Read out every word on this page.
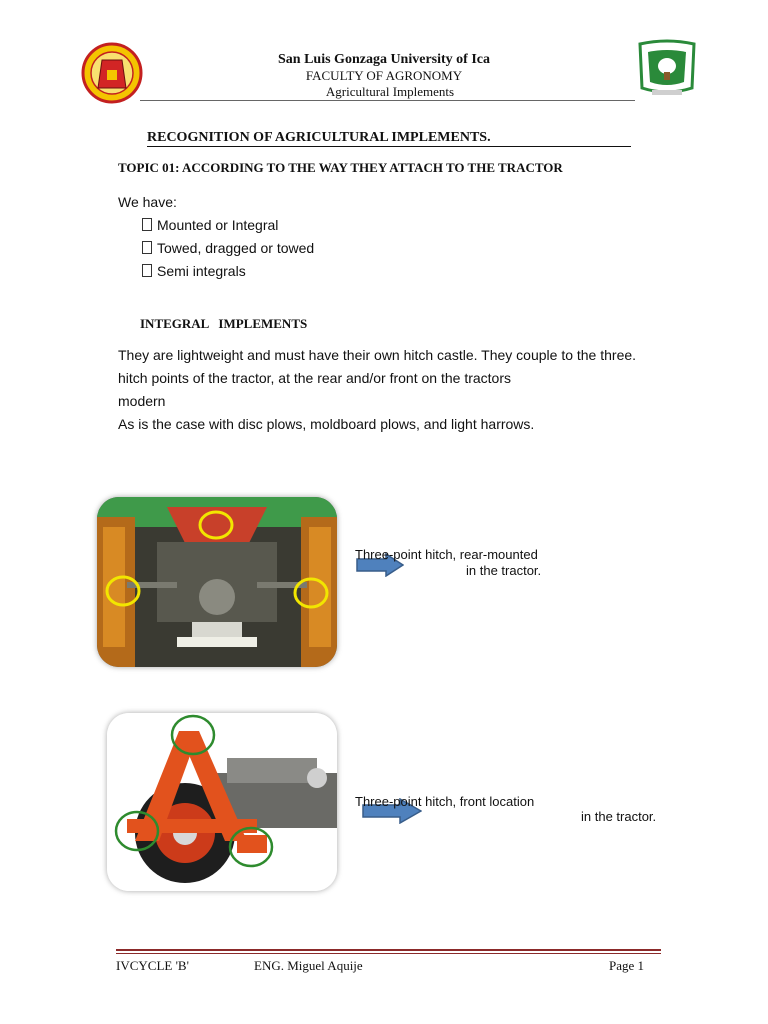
San Luis Gonzaga University of Ica
FACULTY OF AGRONOMY
Agricultural Implements
RECOGNITION OF AGRICULTURAL IMPLEMENTS.
TOPIC 01: ACCORDING TO THE WAY THEY ATTACH TO THE TRACTOR
We have:
Mounted or Integral
Towed, dragged or towed
Semi integrals
INTEGRAL   IMPLEMENTS
They are lightweight and must have their own hitch castle. They couple to the three.
hitch points of the tractor, at the rear and/or front on the tractors
modern
As is the case with disc plows, moldboard plows, and light harrows.
Three-point hitch, rear-mounted
in the tractor.
Three-point hitch, front location
in the tractor.
IVCYCLE 'B'	ENG. Miguel Aquije	Page 1
